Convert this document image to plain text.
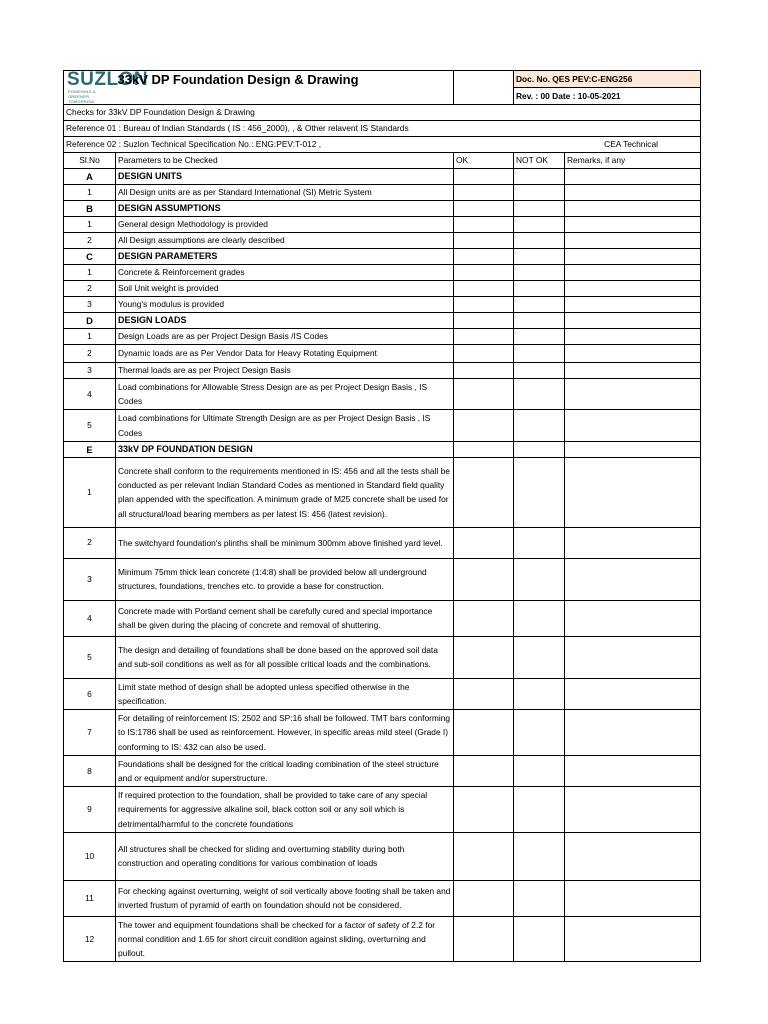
SUZLON
POWERING A GREENER TOMORROW	33kV DP Foundation Design & Drawing		Doc. No. QES PEV:C-ENG256	
			Rev. : 00 Date : 10-05-2021	
Checks for 33kV DP Foundation Design & Drawing				
Reference 01 : Bureau of Indian Standards ( IS : 456_2000), , & Other relavent IS Standards				
Reference 02 : Suzlon Technical Specification No.: ENG:PEV:T-012 , CEA Technical				

Sl.No	Parameters to be Checked	OK	NOT OK	Remarks, if any
A	DESIGN UNITS			
1	All Design units are as per Standard International (SI) Metric System			
B	DESIGN ASSUMPTIONS			
1	General design Methodology is provided			
2	All Design assumptions are clearly described			
C	DESIGN PARAMETERS			
1	Concrete & Reinforcement grades			
2	Soil Unit weight is provided			
3	Young's modulus is provided			
D	DESIGN LOADS			
1	Design Loads are as per Project Design Basis /IS Codes			
2	Dynamic loads are as Per Vendor Data for Heavy Rotating Equipment			
3	Thermal loads are as per Project Design Basis			
4	Load combinations for Allowable Stress Design are as per Project Design Basis , IS Codes			
5	Load combinations for Ultimate Strength Design are as per Project Design Basis , IS Codes			
E	33kV DP FOUNDATION DESIGN			
1	Concrete shall conform to the requirements mentioned in IS: 456 and all the tests shall be conducted as per relevant Indian Standard Codes as mentioned in Standard field quality plan appended with the specification. A minimum grade of M25 concrete shall be used for all structural/load bearing members as per latest IS: 456 (latest revision).			
2	The switchyard foundation's plinths shall be minimum 300mm above finished yard level.			
3	Minimum 75mm thick lean concrete (1:4:8) shall be provided below all underground structures, foundations, trenches etc. to provide a base for construction.			
4	Concrete made with Portland cement shall be carefully cured and special importance shall be given during the placing of concrete and removal of shuttering.			
5	The design and detailing of foundations shall be done based on the approved soil data and sub-soil conditions as well as for all possible critical loads and the combinations.			
6	Limit state method of design shall be adopted unless specified otherwise in the specification.			
7	For detailing of reinforcement IS: 2502 and SP:16 shall be followed. TMT bars conforming to IS:1786 shall be used as reinforcement. However, in specific areas mild steel (Grade I) conforming to IS: 432 can also be used.			
8	Foundations shall be designed for the critical loading combination of the steel structure and or equipment and/or superstructure.			
9	If required protection to the foundation, shall be provided to take care of any special requirements for aggressive alkaline soil, black cotton soil or any soil which is detrimental/harmful to the concrete foundations			
10	All structures shall be checked for sliding and overturning stability during both construction and operating conditions for various combination of loads			
11	For checking against overturning, weight of soil vertically above footing shall be taken and inverted frustum of pyramid of earth on foundation should not be considered.			
12	The tower and equipment foundations shall be checked for a factor of safety of 2.2 for normal condition and 1.65 for short circuit condition against sliding, overturning and pullout.			
